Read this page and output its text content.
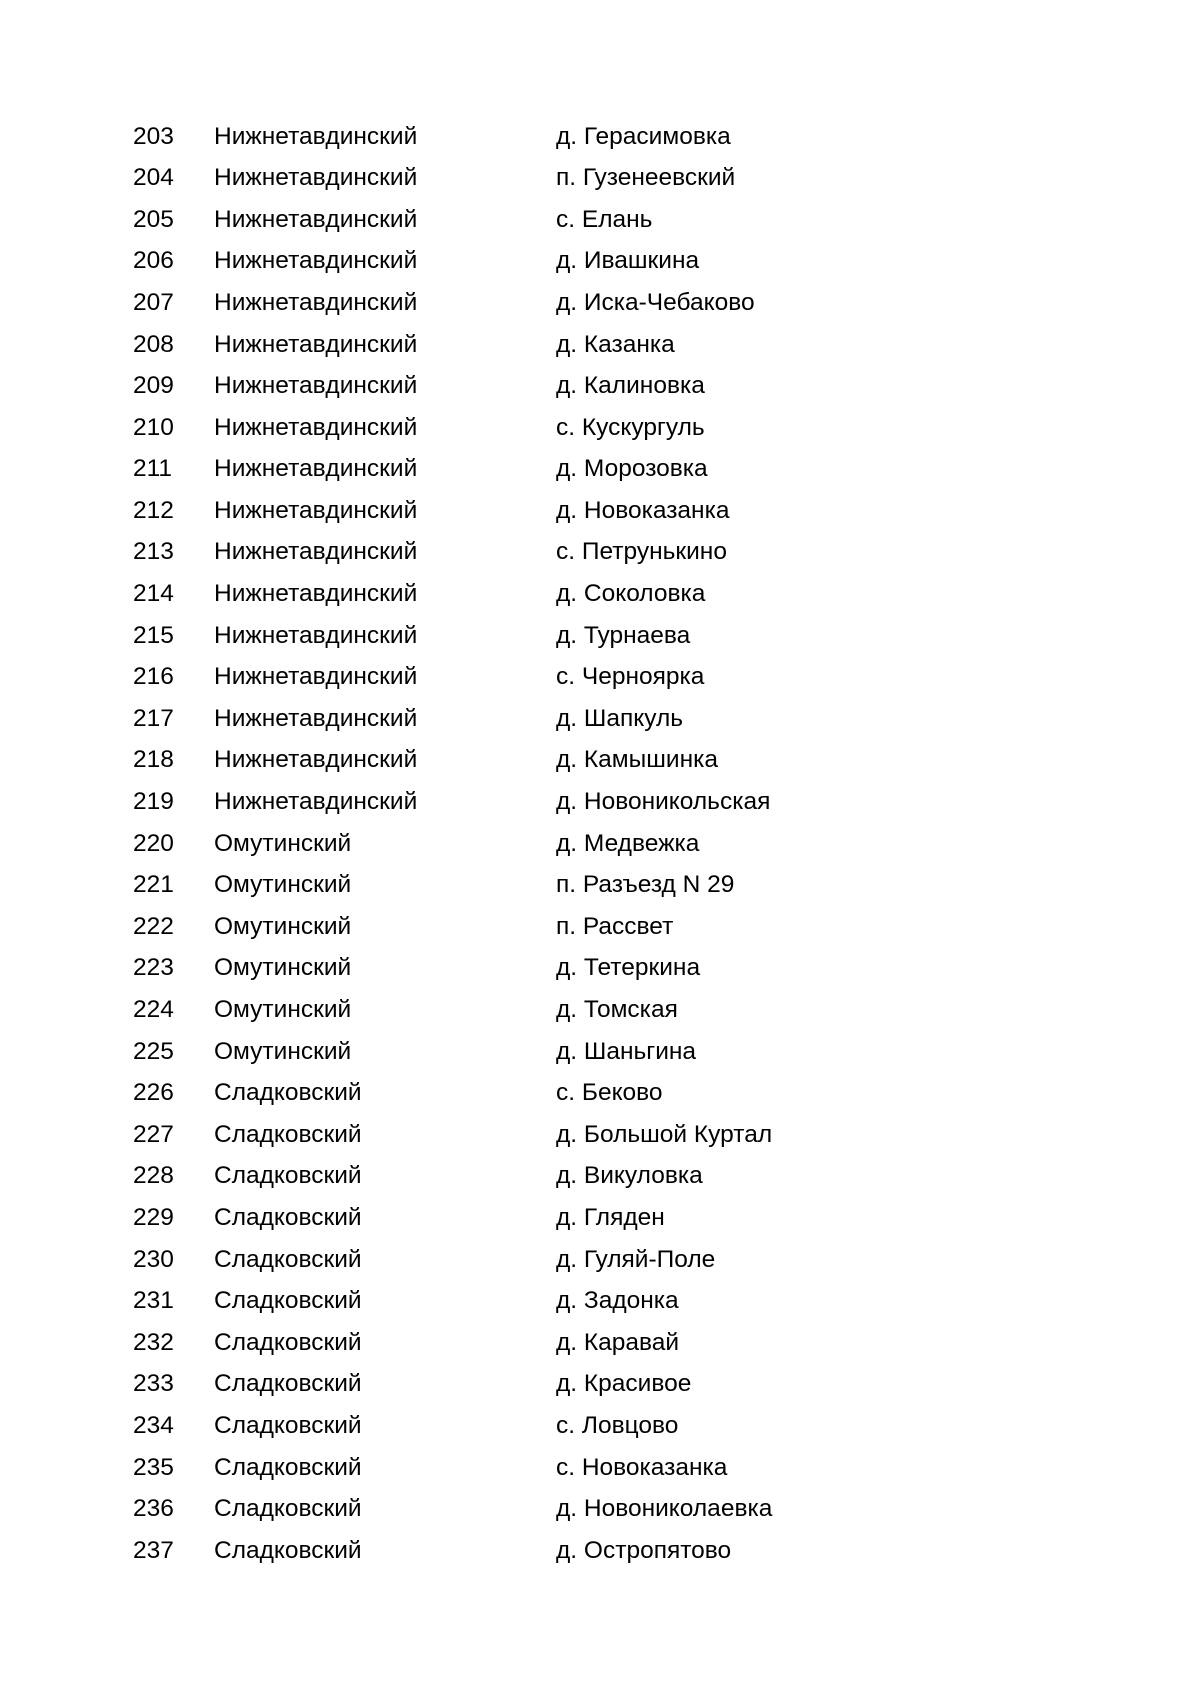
203	Нижнетавдинский	д. Герасимовка
204	Нижнетавдинский	п. Гузенеевский
205	Нижнетавдинский	с. Елань
206	Нижнетавдинский	д. Ивашкина
207	Нижнетавдинский	д. Иска-Чебаково
208	Нижнетавдинский	д. Казанка
209	Нижнетавдинский	д. Калиновка
210	Нижнетавдинский	с. Кускургуль
211	Нижнетавдинский	д. Морозовка
212	Нижнетавдинский	д. Новоказанка
213	Нижнетавдинский	с. Петрунькино
214	Нижнетавдинский	д. Соколовка
215	Нижнетавдинский	д. Турнаева
216	Нижнетавдинский	с. Черноярка
217	Нижнетавдинский	д. Шапкуль
218	Нижнетавдинский	д. Камышинка
219	Нижнетавдинский	д. Новоникольская
220	Омутинский	д. Медвежка
221	Омутинский	п. Разъезд N 29
222	Омутинский	п. Рассвет
223	Омутинский	д. Тетеркина
224	Омутинский	д. Томская
225	Омутинский	д. Шаньгина
226	Сладковский	с. Беково
227	Сладковский	д. Большой Куртал
228	Сладковский	д. Викуловка
229	Сладковский	д. Гляден
230	Сладковский	д. Гуляй-Поле
231	Сладковский	д. Задонка
232	Сладковский	д. Каравай
233	Сладковский	д. Красивое
234	Сладковский	с. Ловцово
235	Сладковский	с. Новоказанка
236	Сладковский	д. Новониколаевка
237	Сладковский	д. Остропятово
